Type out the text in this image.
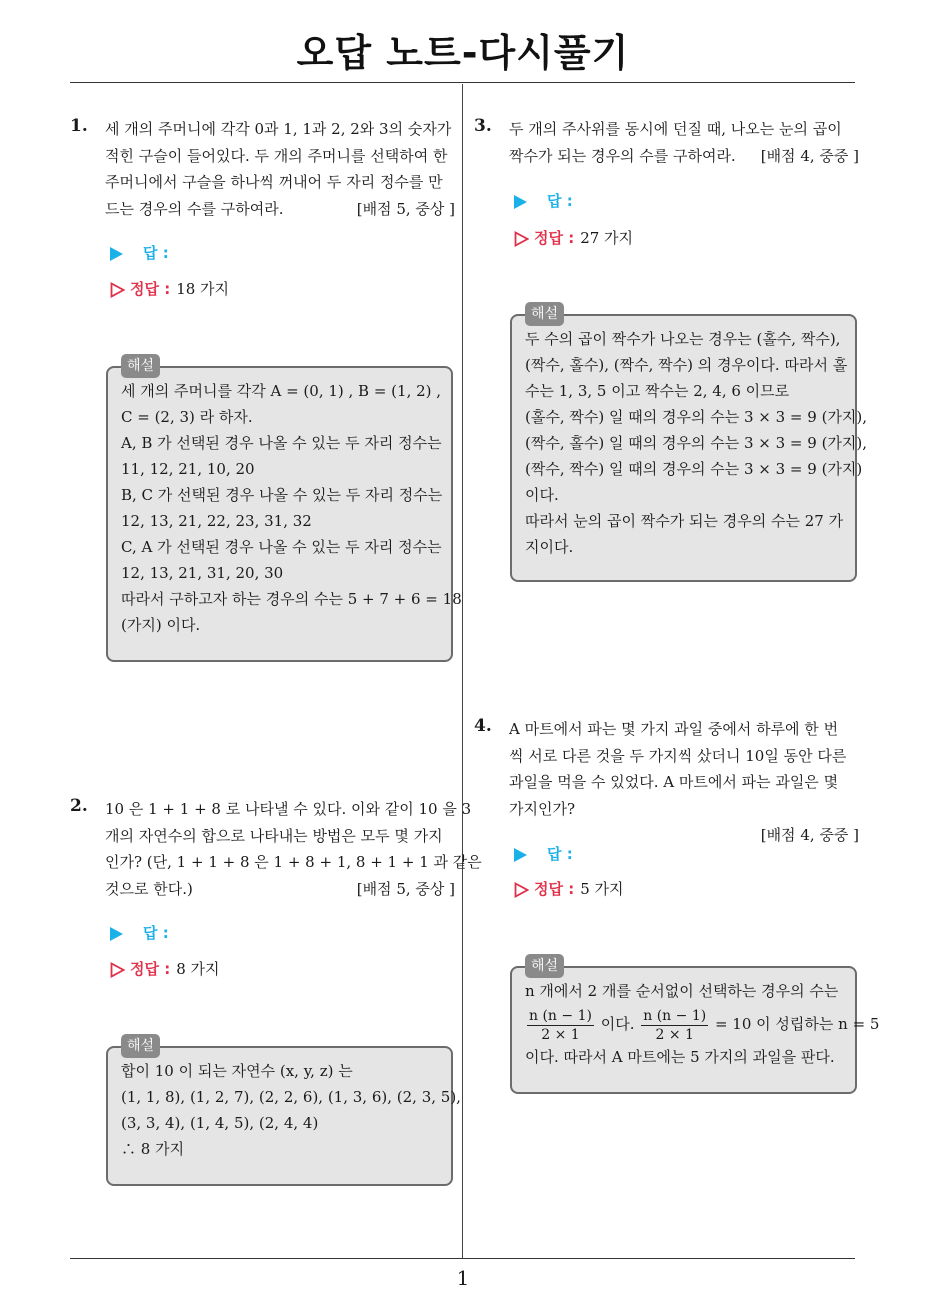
오답 노트-다시풀기
1
1. 세 개의 주머니에 각각 0과 1, 1과 2, 2와 3의 숫자가
적힌 구슬이 들어있다. 두 개의 주머니를 선택하여 한
주머니에서 구슬을 하나씩 꺼내어 두 자리 정수를 만
드는 경우의 수를 구하여라.	[배점 5, 중상 ]
답 :
정답 : 18 가지
해설
세 개의 주머니를 각각 A = (0, 1) , B = (1, 2) ,
C = (2, 3) 라 하자.
A, B 가 선택된 경우 나올 수 있는 두 자리 정수는
11, 12, 21, 10, 20
B, C 가 선택된 경우 나올 수 있는 두 자리 정수는
12, 13, 21, 22, 23, 31, 32
C, A 가 선택된 경우 나올 수 있는 두 자리 정수는
12, 13, 21, 31, 20, 30
따라서 구하고자 하는 경우의 수는 5 + 7 + 6 = 18
(가지) 이다.
2. 10 은 1 + 1 + 8 로 나타낼 수 있다. 이와 같이 10 을 3
개의 자연수의 합으로 나타내는 방법은 모두 몇 가지
인가? (단, 1 + 1 + 8 은 1 + 8 + 1, 8 + 1 + 1 과 같은
것으로 한다.)	[배점 5, 중상 ]
답 :
정답 : 8 가지
해설
합이 10 이 되는 자연수 (x, y, z) 는
(1, 1, 8), (1, 2, 7), (2, 2, 6), (1, 3, 6), (2, 3, 5),
(3, 3, 4), (1, 4, 5), (2, 4, 4)
∴ 8 가지
3. 두 개의 주사위를 동시에 던질 때, 나오는 눈의 곱이
짝수가 되는 경우의 수를 구하여라. [배점 4, 중중 ]
답 :
정답 : 27 가지
해설
두 수의 곱이 짝수가 나오는 경우는 (홀수, 짝수),
(짝수, 홀수), (짝수, 짝수) 의 경우이다. 따라서 홀
수는 1, 3, 5 이고 짝수는 2, 4, 6 이므로
(홀수, 짝수) 일 때의 경우의 수는 3 × 3 = 9 (가지),
(짝수, 홀수) 일 때의 경우의 수는 3 × 3 = 9 (가지),
(짝수, 짝수) 일 때의 경우의 수는 3 × 3 = 9 (가지)
이다.
따라서 눈의 곱이 짝수가 되는 경우의 수는 27 가
지이다.
4. A 마트에서 파는 몇 가지 과일 중에서 하루에 한 번
씩 서로 다른 것을 두 가지씩 샀더니 10일 동안 다른
과일을 먹을 수 있었다. A 마트에서 파는 과일은 몇
가지인가?
[배점 4, 중중 ]
답 :
정답 : 5 가지
해설
n 개에서 2 개를 순서없이 선택하는 경우의 수는
$\frac{n (n - 1)}{2 \times 1}$ 이다. $\frac{n (n - 1)}{2 \times 1} = 10$ 이 성립하는 n = 5
이다. 따라서 A 마트에는 5 가지의 과일을 판다.
